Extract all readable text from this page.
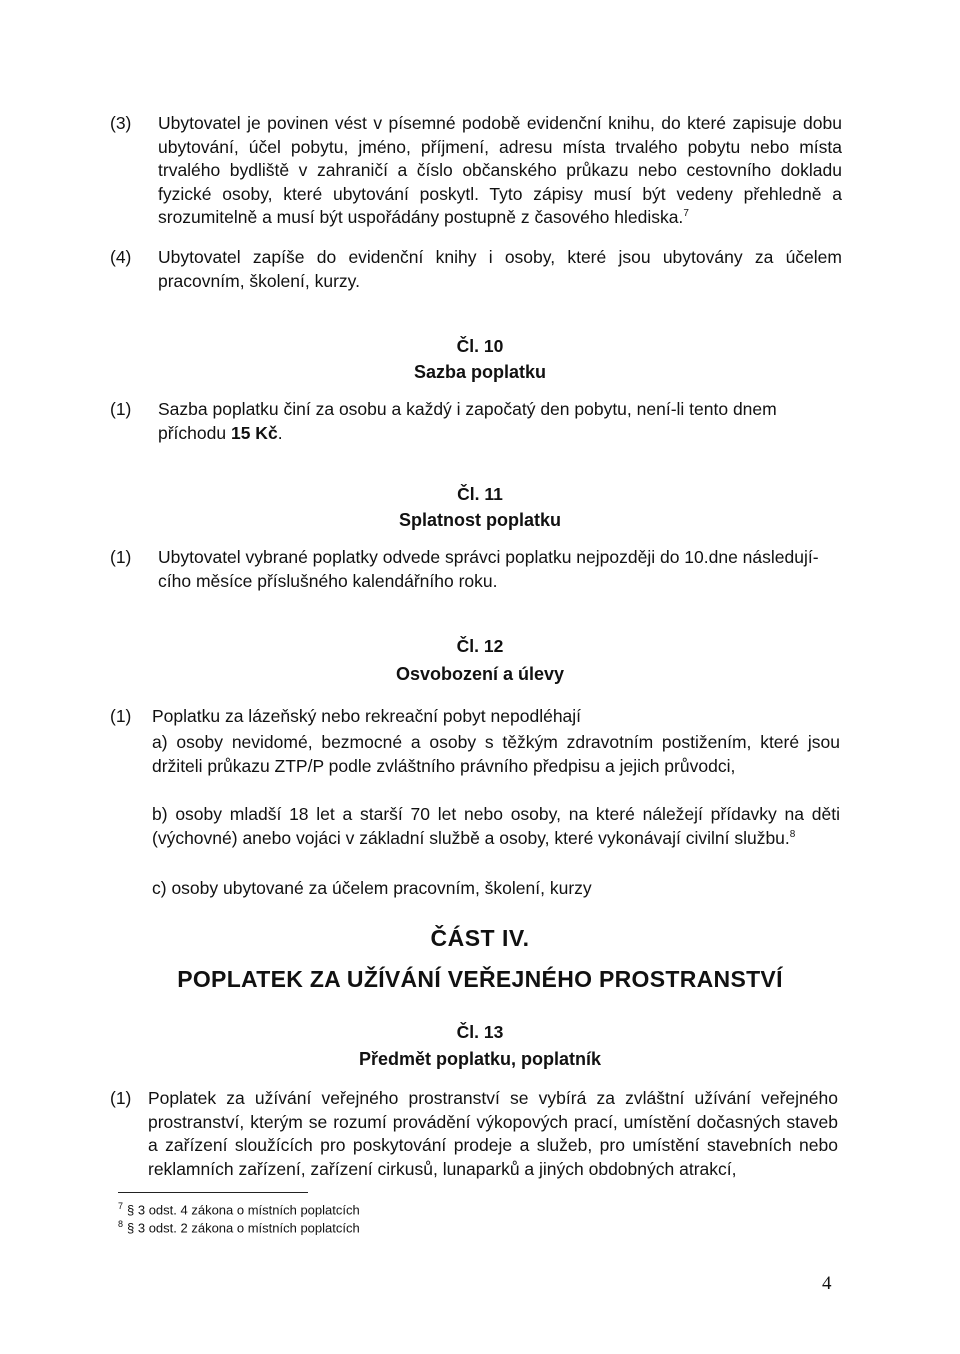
(3) Ubytovatel je povinen vést v písemné podobě evidenční knihu, do které zapisuje dobu ubytování, účel pobytu, jméno, příjmení, adresu místa trvalého pobytu nebo místa trvalého bydliště v zahraničí a číslo občanského průkazu nebo cestovního dokladu fyzické osoby, které ubytování poskytl. Tyto zápisy musí být vedeny přehledně a srozumitelně a musí být uspořádány postupně z časového hlediska.$^7$
(4) Ubytovatel zapíše do evidenční knihy i osoby, které jsou ubytovány za účelem pracovním, školení, kurzy.
Čl. 10
Sazba poplatku
(1) Sazba poplatku činí za osobu a každý i započatý den pobytu, není-li tento dnem příchodu 15 Kč.
Čl. 11
Splatnost poplatku
(1) Ubytovatel vybrané poplatky odvede správci poplatku nejpozději do 10.dne následují-cího měsíce příslušného kalendářního roku.
Čl. 12
Osvobození a úlevy
(1) Poplatku za lázeňský nebo rekreační pobyt nepodléhají
a) osoby nevidomé, bezmocné a osoby s těžkým zdravotním postižením, které jsou držiteli průkazu ZTP/P podle zvláštního právního předpisu a jejich průvodci,
b) osoby mladší 18 let a starší 70 let nebo osoby, na které náležejí přídavky na děti (výchovné) anebo vojáci v základní službě a osoby, které vykonávají civilní službu.$^8$
c) osoby ubytované za účelem pracovním, školení, kurzy
ČÁST IV.
POPLATEK ZA UŽÍVÁNÍ VEŘEJNÉHO PROSTRANSTVÍ
Čl. 13
Předmět poplatku, poplatník
(1) Poplatek za užívání veřejného prostranství se vybírá za zvláštní užívání veřejného prostranství, kterým se rozumí provádění výkopových prací, umístění dočasných staveb a zařízení sloužících pro poskytování prodeje a služeb, pro umístění stavebních nebo reklamních zařízení, zařízení cirkusů, lunaparků a jiných obdobných atrakcí,
$^7$ § 3 odst. 4 zákona o místních poplatcích
$^8$ § 3 odst. 2 zákona o místních poplatcích
4
